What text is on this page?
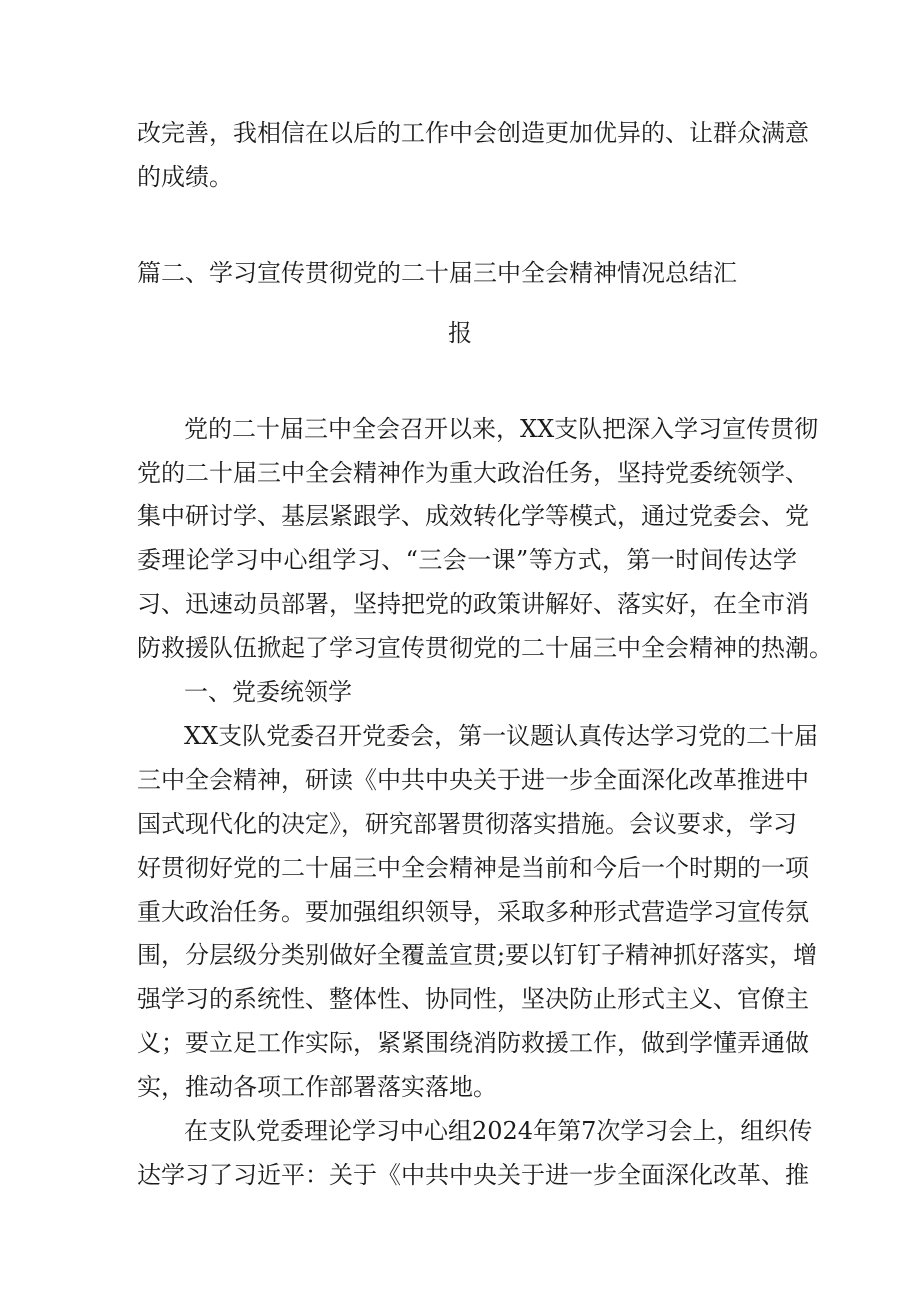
改完善，我相信在以后的工作中会创造更加优异的、让群众满意
的成绩。
篇二、学习宣传贯彻党的二十届三中全会精神情况总结汇
报
党的二十届三中全会召开以来，XX支队把深入学习宣传贯彻
党的二十届三中全会精神作为重大政治任务，坚持党委统领学、
集中研讨学、基层紧跟学、成效转化学等模式，通过党委会、党
委理论学习中心组学习、“三会一课”等方式，第一时间传达学
习、迅速动员部署，坚持把党的政策讲解好、落实好，在全市消
防救援队伍掀起了学习宣传贯彻党的二十届三中全会精神的热潮。
一、党委统领学
XX支队党委召开党委会，第一议题认真传达学习党的二十届
三中全会精神，研读《中共中央关于进一步全面深化改革推进中
国式现代化的决定》，研究部署贯彻落实措施。会议要求，学习
好贯彻好党的二十届三中全会精神是当前和今后一个时期的一项
重大政治任务。要加强组织领导，采取多种形式营造学习宣传氛
围，分层级分类别做好全覆盖宣贯;要以钉钉子精神抓好落实，增
强学习的系统性、整体性、协同性，坚决防止形式主义、官僚主
义；要立足工作实际，紧紧围绕消防救援工作，做到学懂弄通做
实，推动各项工作部署落实落地。
在支队党委理论学习中心组2024年第7次学习会上，组织传
达学习了习近平：关于《中共中央关于进一步全面深化改革、推
